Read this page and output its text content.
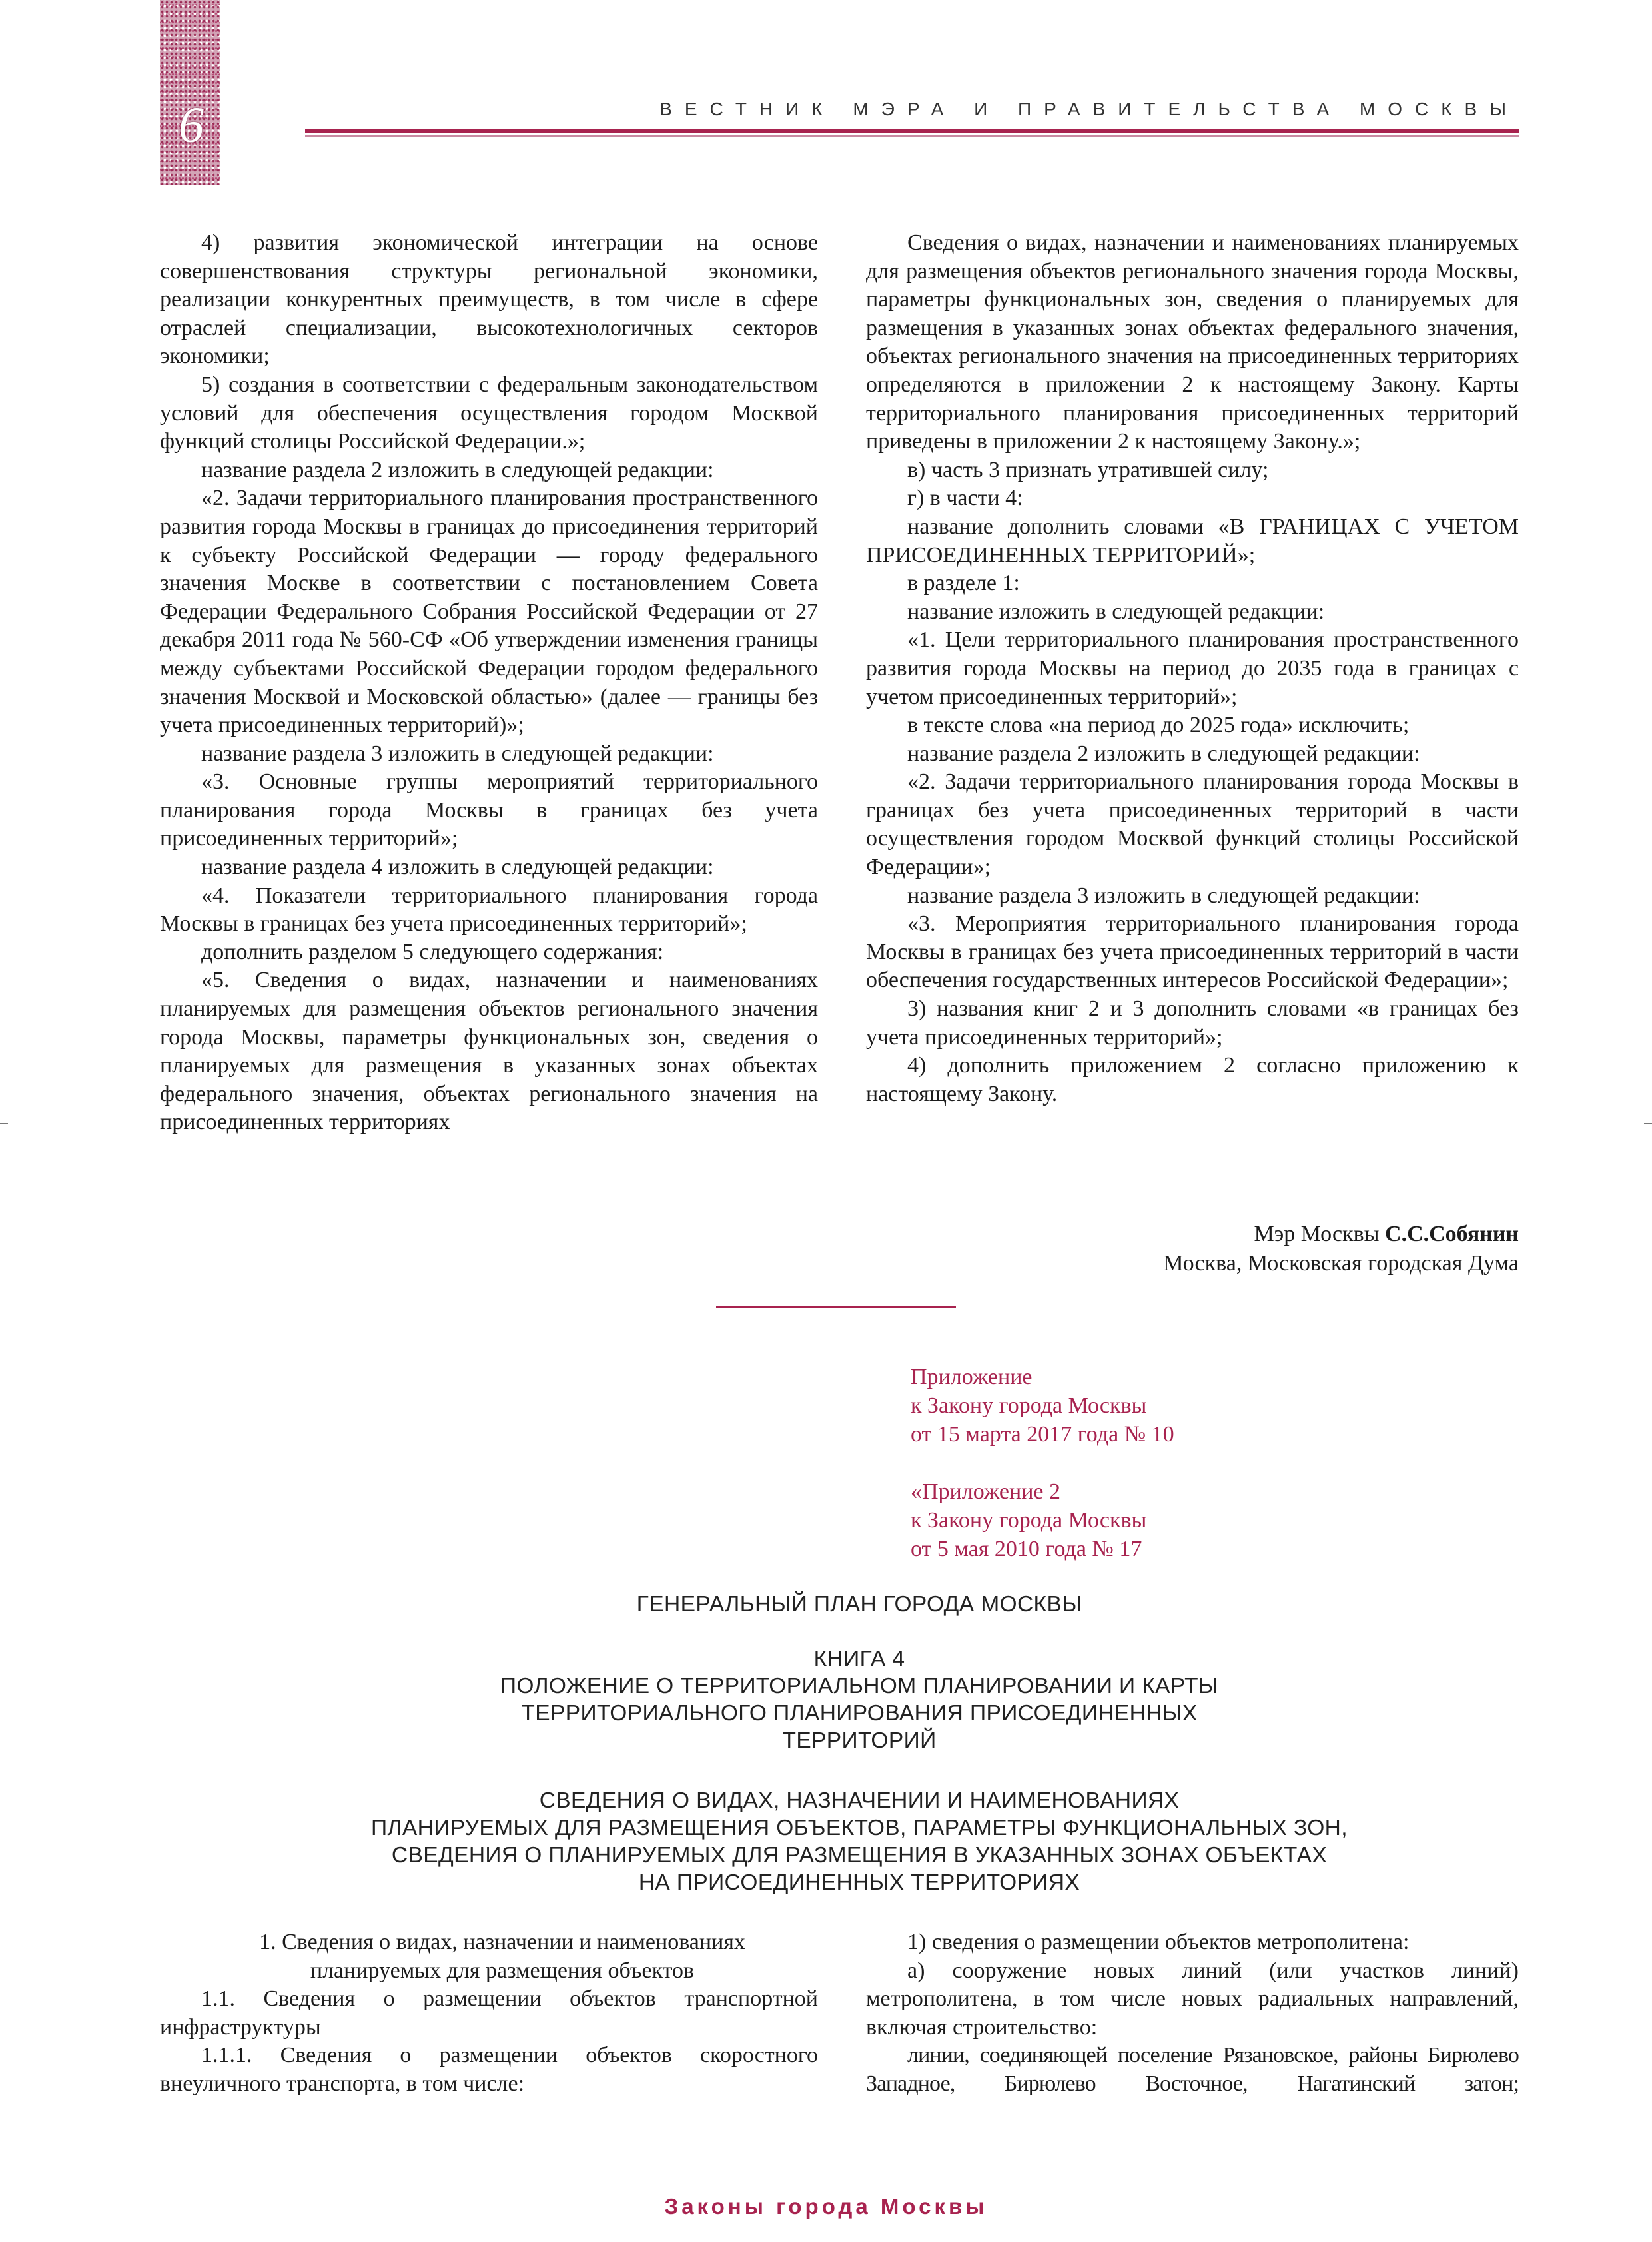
6	ВЕСТНИК МЭРА И ПРАВИТЕЛЬСТВА МОСКВЫ

4) развития экономической интеграции на основе совершенствования структуры региональной экономики, реализации конкурентных преимуществ, в том числе в сфере отраслей специализации, высокотехнологичных секторов экономики;

5) создания в соответствии с федеральным законодательством условий для обеспечения осуществления городом Москвой функций столицы Российской Федерации.»;

название раздела 2 изложить в следующей редакции:

«2. Задачи территориального планирования пространственного развития города Москвы в границах до присоединения территорий к субъекту Российской Федерации — городу федерального значения Москве в соответствии с постановлением Совета Федерации Федерального Собрания Российской Федерации от 27 декабря 2011 года № 560-СФ «Об утверждении изменения границы между субъектами Российской Федерации городом федерального значения Москвой и Московской областью» (далее — границы без учета присоединенных территорий)»;

название раздела 3 изложить в следующей редакции:

«3. Основные группы мероприятий территориального планирования города Москвы в границах без учета присоединенных территорий»;

название раздела 4 изложить в следующей редакции:

«4. Показатели территориального планирования города Москвы в границах без учета присоединенных территорий»;

дополнить разделом 5 следующего содержания:

«5. Сведения о видах, назначении и наименованиях планируемых для размещения объектов регионального значения города Москвы, параметры функциональных зон, сведения о планируемых для размещения в указанных зонах объектах федерального значения, объектах регионального значения на присоединенных территориях

Сведения о видах, назначении и наименованиях планируемых для размещения объектов регионального значения города Москвы, параметры функциональных зон, сведения о планируемых для размещения в указанных зонах объектах федерального значения, объектах регионального значения на присоединенных территориях определяются в приложении 2 к настоящему Закону. Карты территориального планирования присоединенных территорий приведены в приложении 2 к настоящему Закону.»;

в) часть 3 признать утратившей силу;

г) в части 4:

название дополнить словами «В ГРАНИЦАХ С УЧЕТОМ ПРИСОЕДИНЕННЫХ ТЕРРИТОРИЙ»;

в разделе 1:

название изложить в следующей редакции:

«1. Цели территориального планирования пространственного развития города Москвы на период до 2035 года в границах с учетом присоединенных территорий»;

в тексте слова «на период до 2025 года» исключить;

название раздела 2 изложить в следующей редакции:

«2. Задачи территориального планирования города Москвы в границах без учета присоединенных территорий в части осуществления городом Москвой функций столицы Российской Федерации»;

название раздела 3 изложить в следующей редакции:

«3. Мероприятия территориального планирования города Москвы в границах без учета присоединенных территорий в части обеспечения государственных интересов Российской Федерации»;

3) названия книг 2 и 3 дополнить словами «в границах без учета присоединенных территорий»;

4) дополнить приложением 2 согласно приложению к настоящему Закону.

Мэр Москвы С.С.Собянин
Москва, Московская городская Дума
Приложение
к Закону города Москвы
от 15 марта 2017 года № 10
«Приложение 2
к Закону города Москвы
от 5 мая 2010 года № 17
ГЕНЕРАЛЬНЫЙ ПЛАН ГОРОДА МОСКВЫ
КНИГА 4
ПОЛОЖЕНИЕ О ТЕРРИТОРИАЛЬНОМ ПЛАНИРОВАНИИ И КАРТЫ
ТЕРРИТОРИАЛЬНОГО ПЛАНИРОВАНИЯ ПРИСОЕДИНЕННЫХ
ТЕРРИТОРИЙ
СВЕДЕНИЯ О ВИДАХ, НАЗНАЧЕНИИ И НАИМЕНОВАНИЯХ
ПЛАНИРУЕМЫХ ДЛЯ РАЗМЕЩЕНИЯ ОБЪЕКТОВ, ПАРАМЕТРЫ ФУНКЦИОНАЛЬНЫХ ЗОН,
СВЕДЕНИЯ О ПЛАНИРУЕМЫХ ДЛЯ РАЗМЕЩЕНИЯ В УКАЗАННЫХ ЗОНАХ ОБЪЕКТАХ
НА ПРИСОЕДИНЕННЫХ ТЕРРИТОРИЯХ
1. Сведения о видах, назначении и наименованиях
планируемых для размещения объектов

1.1. Сведения о размещении объектов транспортной инфраструктуры

1.1.1. Сведения о размещении объектов скоростного внеуличного транспорта, в том числе:

1) сведения о размещении объектов метрополитена:

а) сооружение новых линий (или участков линий) метрополитена, в том числе новых радиальных направлений, включая строительство:

линии, соединяющей поселение Рязановское, районы Бирюлево Западное, Бирюлево Восточное, Нагатинский затон;

Законы города Москвы
